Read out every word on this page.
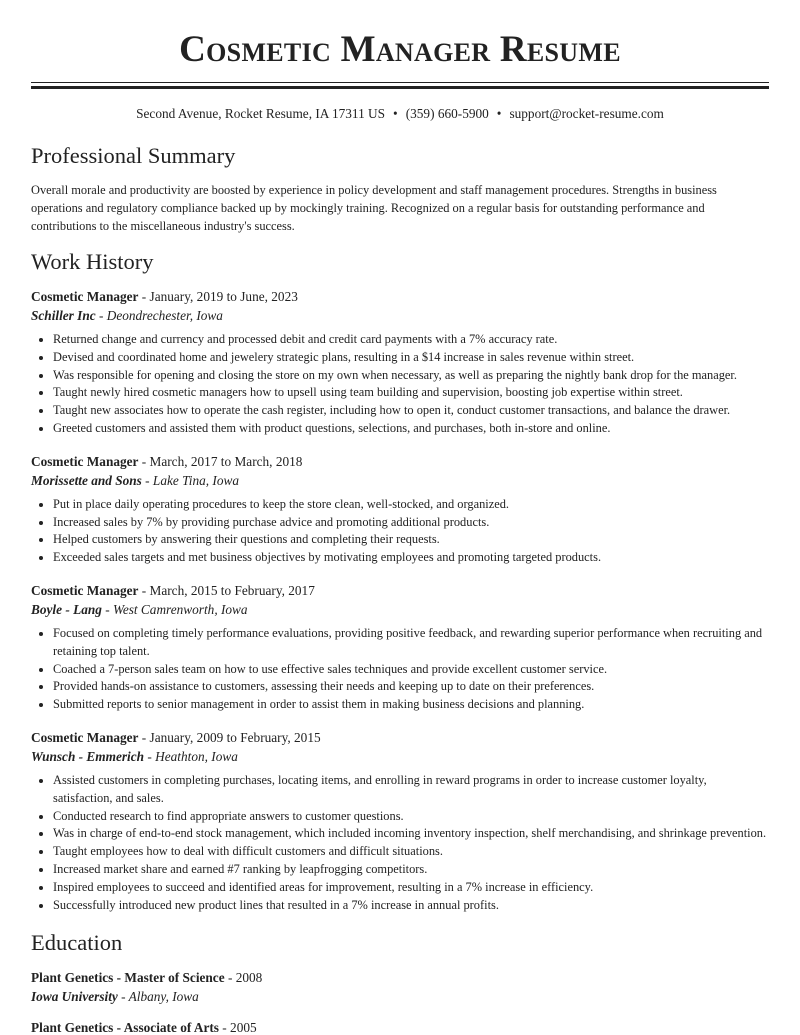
Cosmetic Manager Resume
Second Avenue, Rocket Resume, IA 17311 US • (359) 660-5900 • support@rocket-resume.com
Professional Summary

Overall morale and productivity are boosted by experience in policy development and staff management procedures. Strengths in business operations and regulatory compliance backed up by mockingly training. Recognized on a regular basis for outstanding performance and contributions to the miscellaneous industry's success.

Work History
Cosmetic Manager - January, 2019 to June, 2023
Schiller Inc - Deondrechester, Iowa
• Returned change and currency and processed debit and credit card payments with a 7% accuracy rate.
• Devised and coordinated home and jewelery strategic plans, resulting in a $14 increase in sales revenue within street.
• Was responsible for opening and closing the store on my own when necessary, as well as preparing the nightly bank drop for the manager.
• Taught newly hired cosmetic managers how to upsell using team building and supervision, boosting job expertise within street.
• Taught new associates how to operate the cash register, including how to open it, conduct customer transactions, and balance the drawer.
• Greeted customers and assisted them with product questions, selections, and purchases, both in-store and online.
Cosmetic Manager - March, 2017 to March, 2018
Morissette and Sons - Lake Tina, Iowa
• Put in place daily operating procedures to keep the store clean, well-stocked, and organized.
• Increased sales by 7% by providing purchase advice and promoting additional products.
• Helped customers by answering their questions and completing their requests.
• Exceeded sales targets and met business objectives by motivating employees and promoting targeted products.
Cosmetic Manager - March, 2015 to February, 2017
Boyle - Lang - West Camrenworth, Iowa
• Focused on completing timely performance evaluations, providing positive feedback, and rewarding superior performance when recruiting and retaining top talent.
• Coached a 7-person sales team on how to use effective sales techniques and provide excellent customer service.
• Provided hands-on assistance to customers, assessing their needs and keeping up to date on their preferences.
• Submitted reports to senior management in order to assist them in making business decisions and planning.
Cosmetic Manager - January, 2009 to February, 2015
Wunsch - Emmerich - Heathton, Iowa
• Assisted customers in completing purchases, locating items, and enrolling in reward programs in order to increase customer loyalty, satisfaction, and sales.
• Conducted research to find appropriate answers to customer questions.
• Was in charge of end-to-end stock management, which included incoming inventory inspection, shelf merchandising, and shrinkage prevention.
• Taught employees how to deal with difficult customers and difficult situations.
• Increased market share and earned #7 ranking by leapfrogging competitors.
• Inspired employees to succeed and identified areas for improvement, resulting in a 7% increase in efficiency.
• Successfully introduced new product lines that resulted in a 7% increase in annual profits.
Education
Plant Genetics - Master of Science - 2008
Iowa University - Albany, Iowa
Plant Genetics - Associate of Arts - 2005
